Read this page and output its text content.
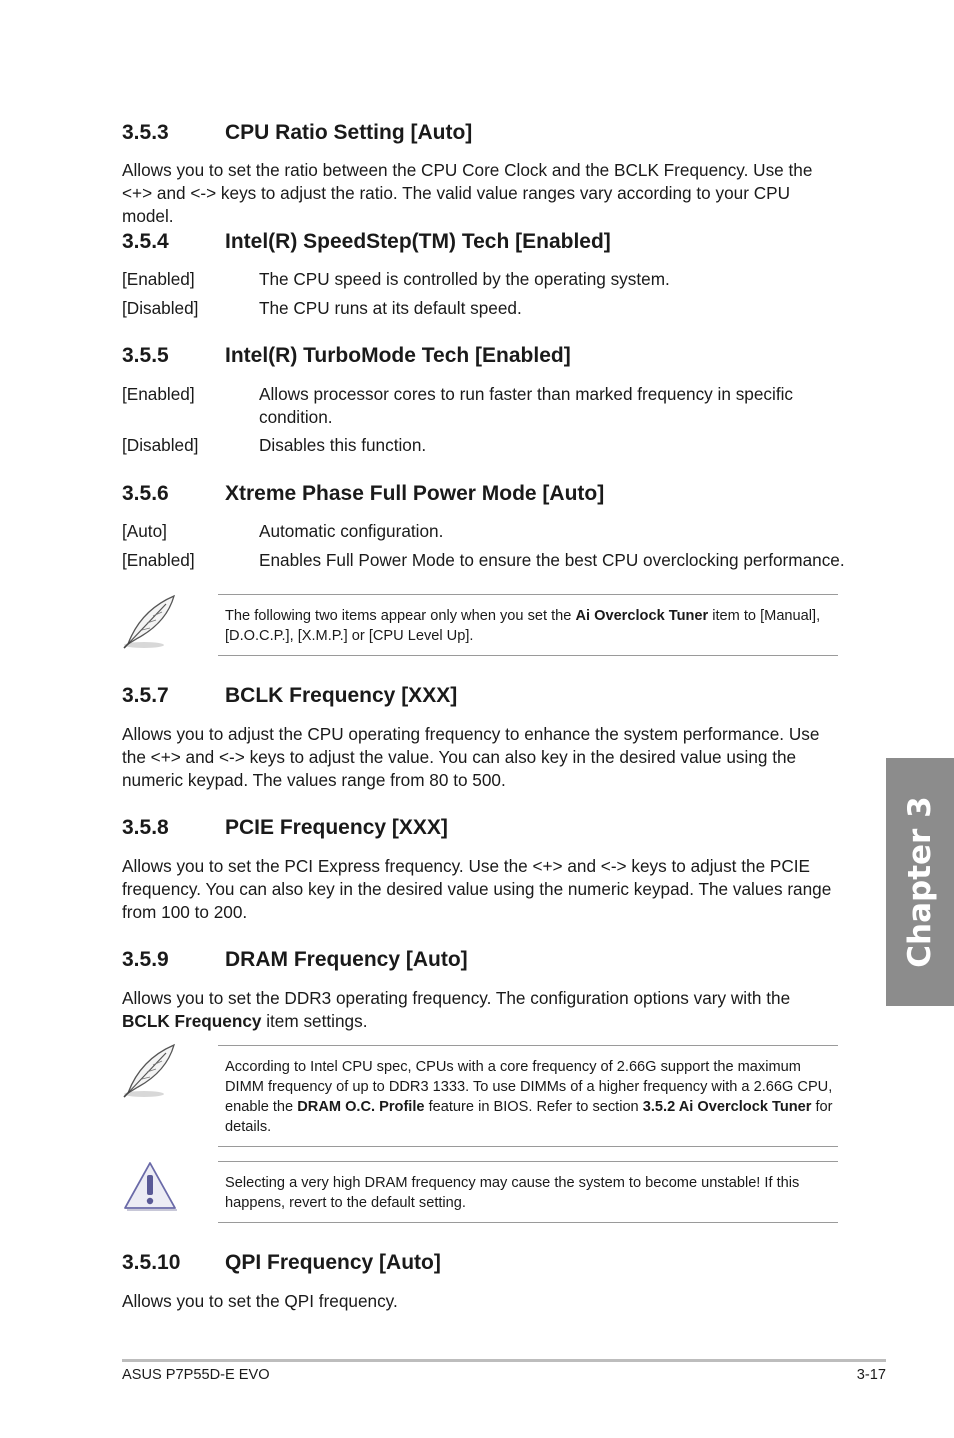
3.5.3	CPU Ratio Setting [Auto]
Allows you to set the ratio between the CPU Core Clock and the BCLK Frequency. Use the <+> and <-> keys to adjust the ratio. The valid value ranges vary according to your CPU model.
3.5.4	Intel(R) SpeedStep(TM) Tech [Enabled]
[Enabled]	The CPU speed is controlled by the operating system.
[Disabled]	The CPU runs at its default speed.
3.5.5	Intel(R) TurboMode Tech [Enabled]
[Enabled]	Allows processor cores to run faster than marked frequency in specific condition.
[Disabled]	Disables this function.
3.5.6	Xtreme Phase Full Power Mode [Auto]
[Auto]	Automatic configuration.
[Enabled]	Enables Full Power Mode to ensure the best CPU overclocking performance.
The following two items appear only when you set the Ai Overclock Tuner item to [Manual], [D.O.C.P.], [X.M.P.] or [CPU Level Up].
3.5.7	BCLK Frequency [XXX]
Allows you to adjust the CPU operating frequency to enhance the system performance. Use the <+> and <-> keys to adjust the value. You can also key in the desired value using the numeric keypad. The values range from 80 to 500.
3.5.8	PCIE Frequency [XXX]
Allows you to set the PCI Express frequency. Use the <+> and <-> keys to adjust the PCIE frequency. You can also key in the desired value using the numeric keypad. The values range from 100 to 200.
3.5.9	DRAM Frequency [Auto]
Allows you to set the DDR3 operating frequency. The configuration options vary with the BCLK Frequency item settings.
According to Intel CPU spec, CPUs with a core frequency of 2.66G support the maximum DIMM frequency of up to DDR3 1333. To use DIMMs of a higher frequency with a 2.66G CPU, enable the DRAM O.C. Profile feature in BIOS. Refer to section 3.5.2 Ai Overclock Tuner for details.
Selecting a very high DRAM frequency may cause the system to become unstable! If this happens, revert to the default setting.
3.5.10 QPI Frequency [Auto]
Allows you to set the QPI frequency.
Chapter 3
ASUS P7P55D-E EVO	3-17
